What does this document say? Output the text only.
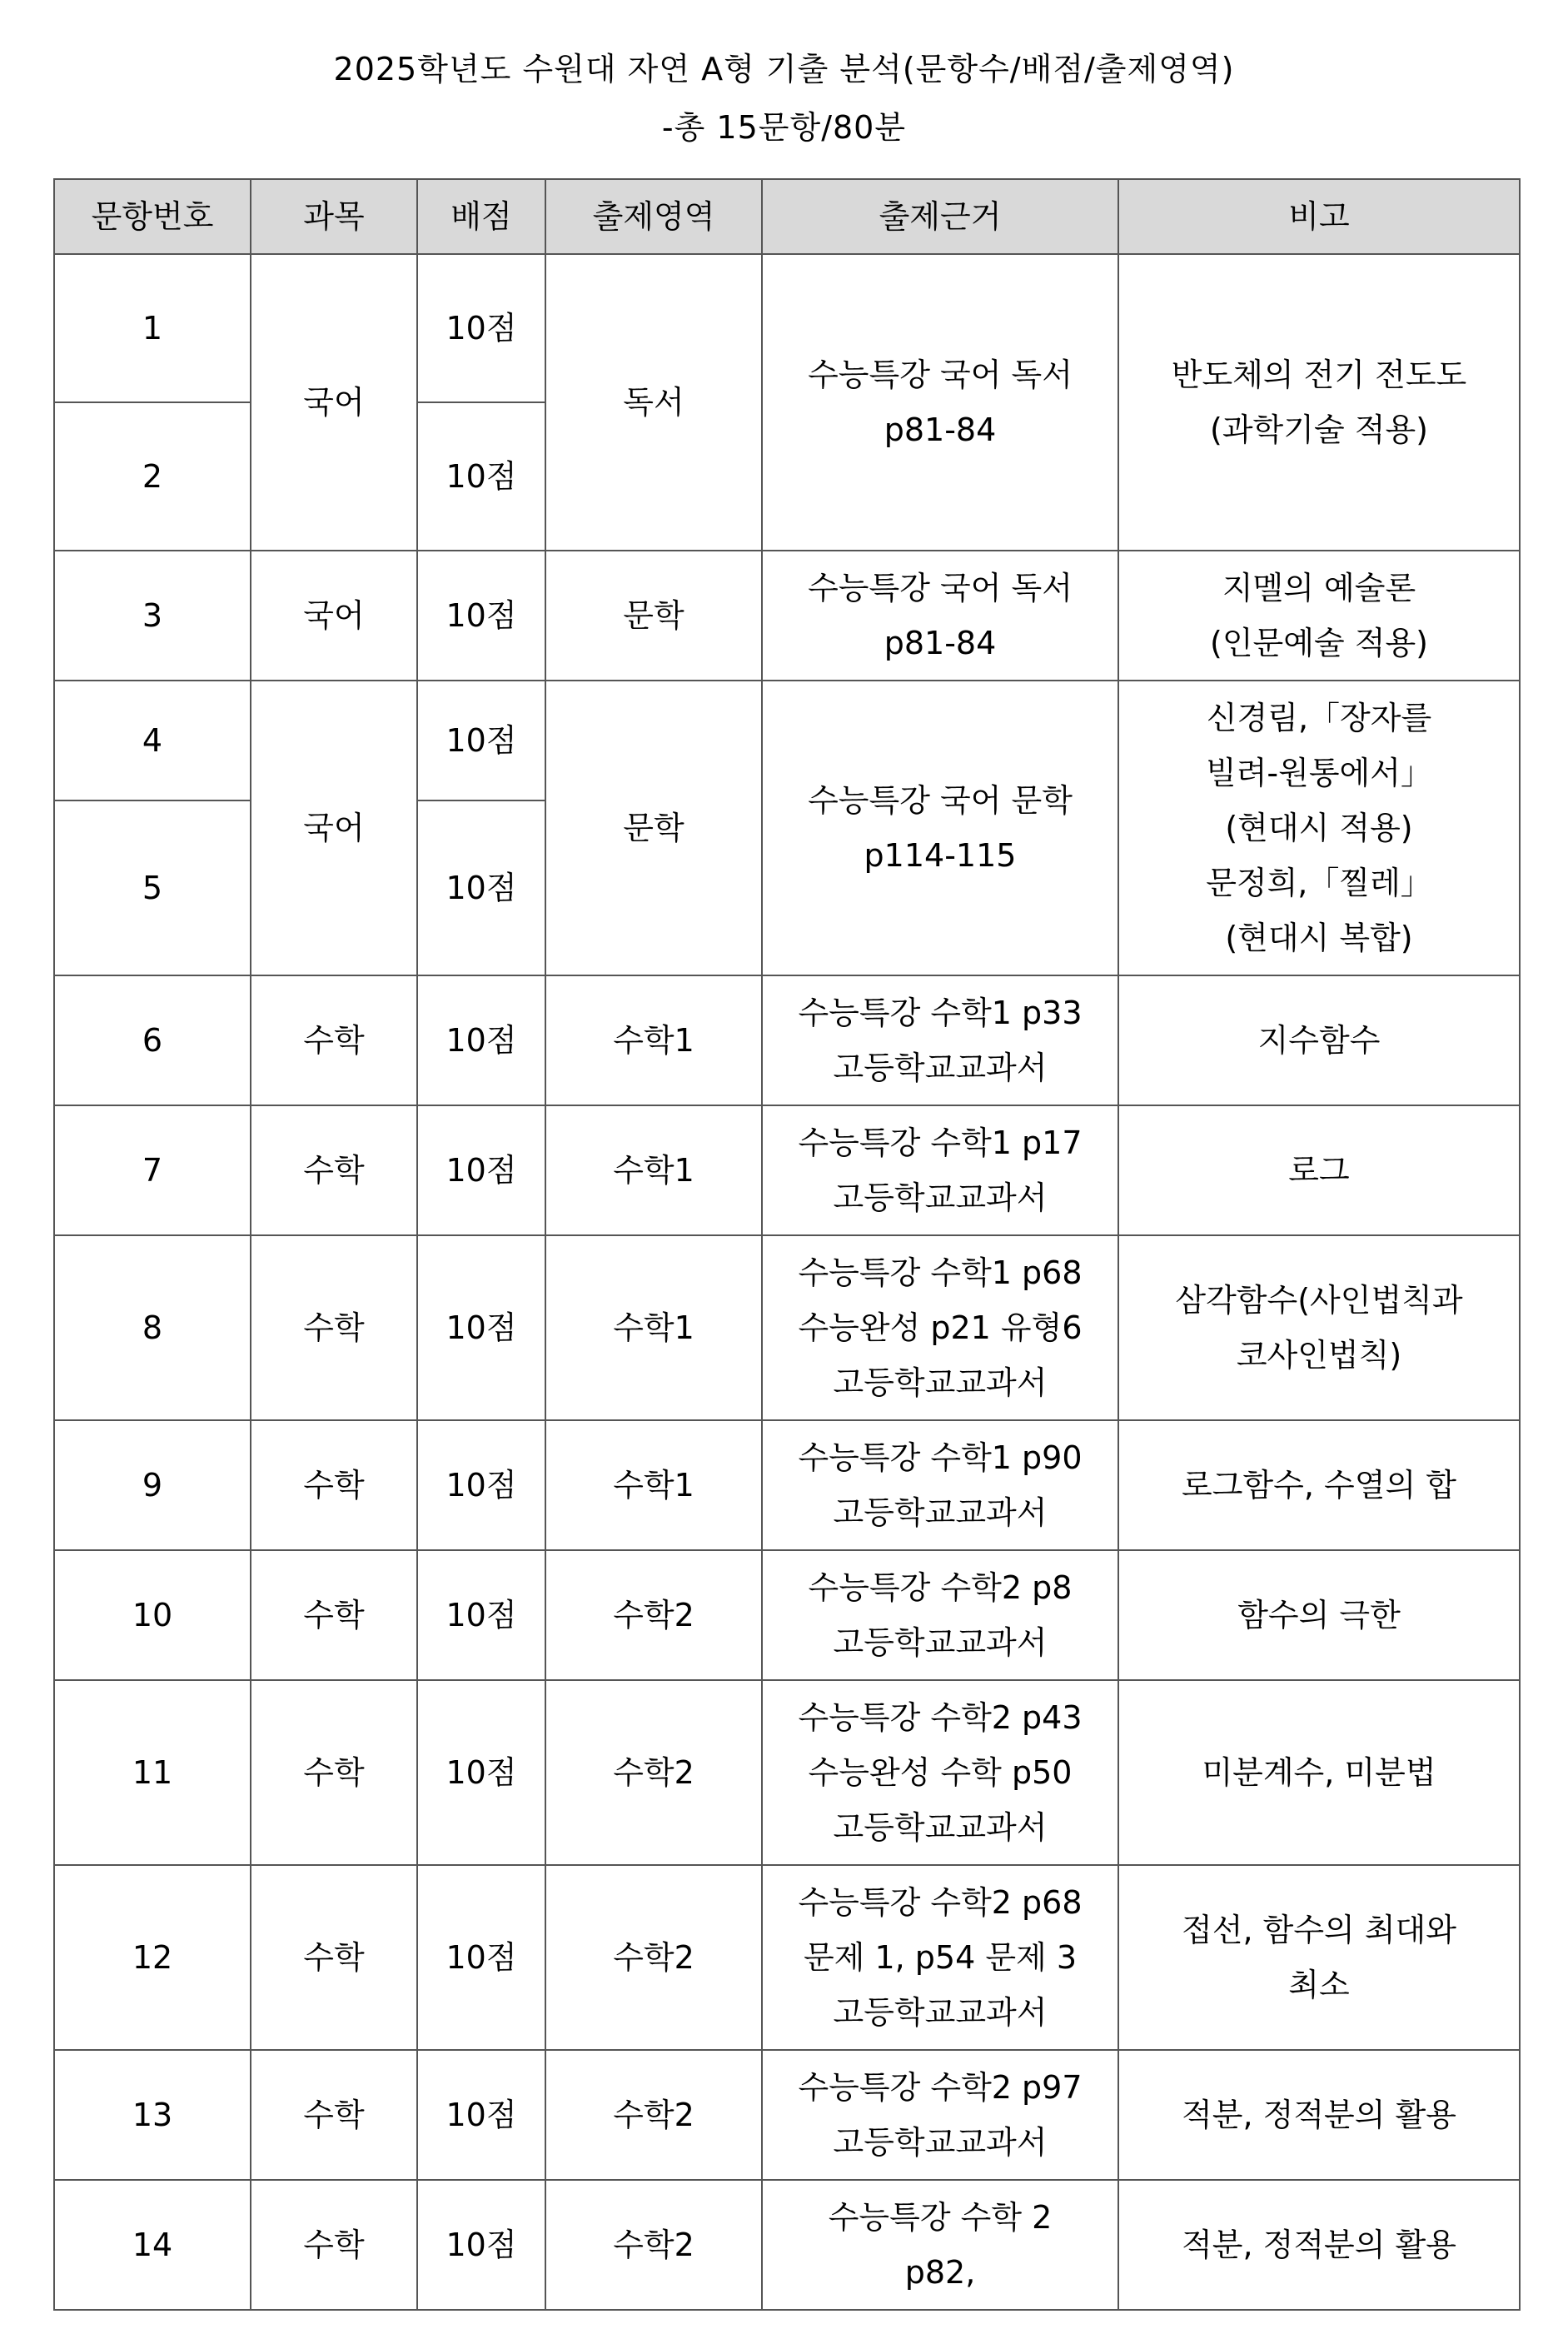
2025학년도 수원대 자연 A형 기출 분석(문항수/배점/출제영역)
-총 15문항/80분
문항번호	과목	배점	출제영역	출제근거	비고
1	국어	10점	독서	수능특강 국어 독서
p81-84	반도체의 전기 전도도
(과학기술 적용)

2		10점			
3	국어	10점	문학	수능특강 국어 독서
p81-84	지멜의 예술론
(인문예술 적용)

4	국어	10점	문학	수능특강 국어 문학
p114-115	신경림,「장자를
빌려-원통에서」
(현대시 적용)
문정희,「찔레」
(현대시 복합)

5		10점			
6	수학	10점	수학1	수능특강 수학1 p33
고등학교교과서	지수함수

7	수학	10점	수학1	수능특강 수학1 p17
고등학교교과서	로그

8	수학	10점	수학1	수능특강 수학1 p68
수능완성 p21 유형6
고등학교교과서	삼각함수(사인법칙과
코사인법칙)

9	수학	10점	수학1	수능특강 수학1 p90
고등학교교과서	로그함수, 수열의 합

10	수학	10점	수학2	수능특강 수학2 p8
고등학교교과서	함수의 극한

11	수학	10점	수학2	수능특강 수학2 p43
수능완성 수학 p50
고등학교교과서	미분계수, 미분법

12	수학	10점	수학2	수능특강 수학2 p68
문제 1, p54 문제 3
고등학교교과서	접선, 함수의 최대와
최소

13	수학	10점	수학2	수능특강 수학2 p97
고등학교교과서	적분, 정적분의 활용

14	수학	10점	수학2	수능특강 수학 2
p82,	적분, 정적분의 활용
